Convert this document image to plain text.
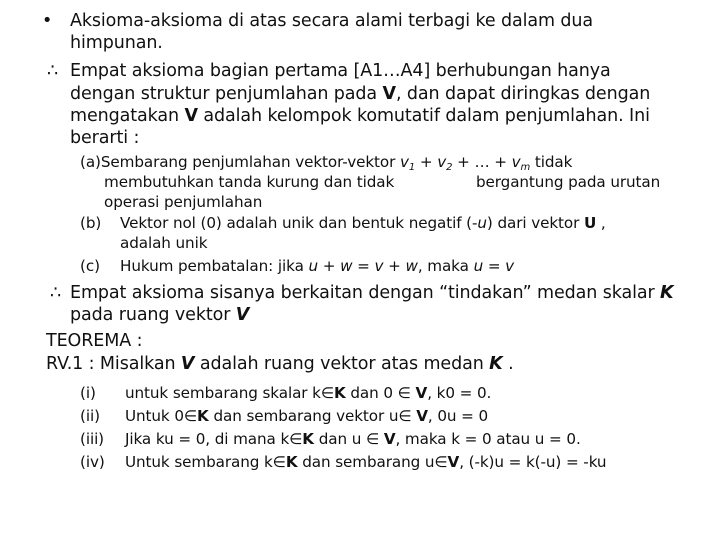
• Aksioma-aksioma di atas secara alami terbagi ke dalam dua
himpunan.
∴ Empat aksioma bagian pertama [A1…A4] berhubungan hanya
dengan struktur penjumlahan pada V, dan dapat diringkas dengan
mengatakan V adalah kelompok komutatif dalam penjumlahan. Ini
berarti :
(a)Sembarang penjumlahan vektor-vektor $v_1 + v_2$ + … + $v_m$ tidak
membutuhkan tanda kurung dan tidak	bergantung pada urutan
operasi penjumlahan
(b) Vektor nol (0) adalah unik dan bentuk negatif (-u) dari vektor U ,
adalah unik
(c) Hukum pembatalan: jika u + w = v + w, maka u = v
∴ Empat aksioma sisanya berkaitan dengan “tindakan” medan skalar K
pada ruang vektor V
TEOREMA :
RV.1 : Misalkan V adalah ruang vektor atas medan K .
(i) untuk sembarang skalar k∈K dan 0 ∈ V, k0 = 0.
(ii) Untuk 0∈K dan sembarang vektor u∈ V, 0u = 0
(iii) Jika ku = 0, di mana k∈K dan u ∈ V, maka k = 0 atau u = 0.
(iv) Untuk sembarang k∈K dan sembarang u∈V, (-k)u = k(-u) = -ku
